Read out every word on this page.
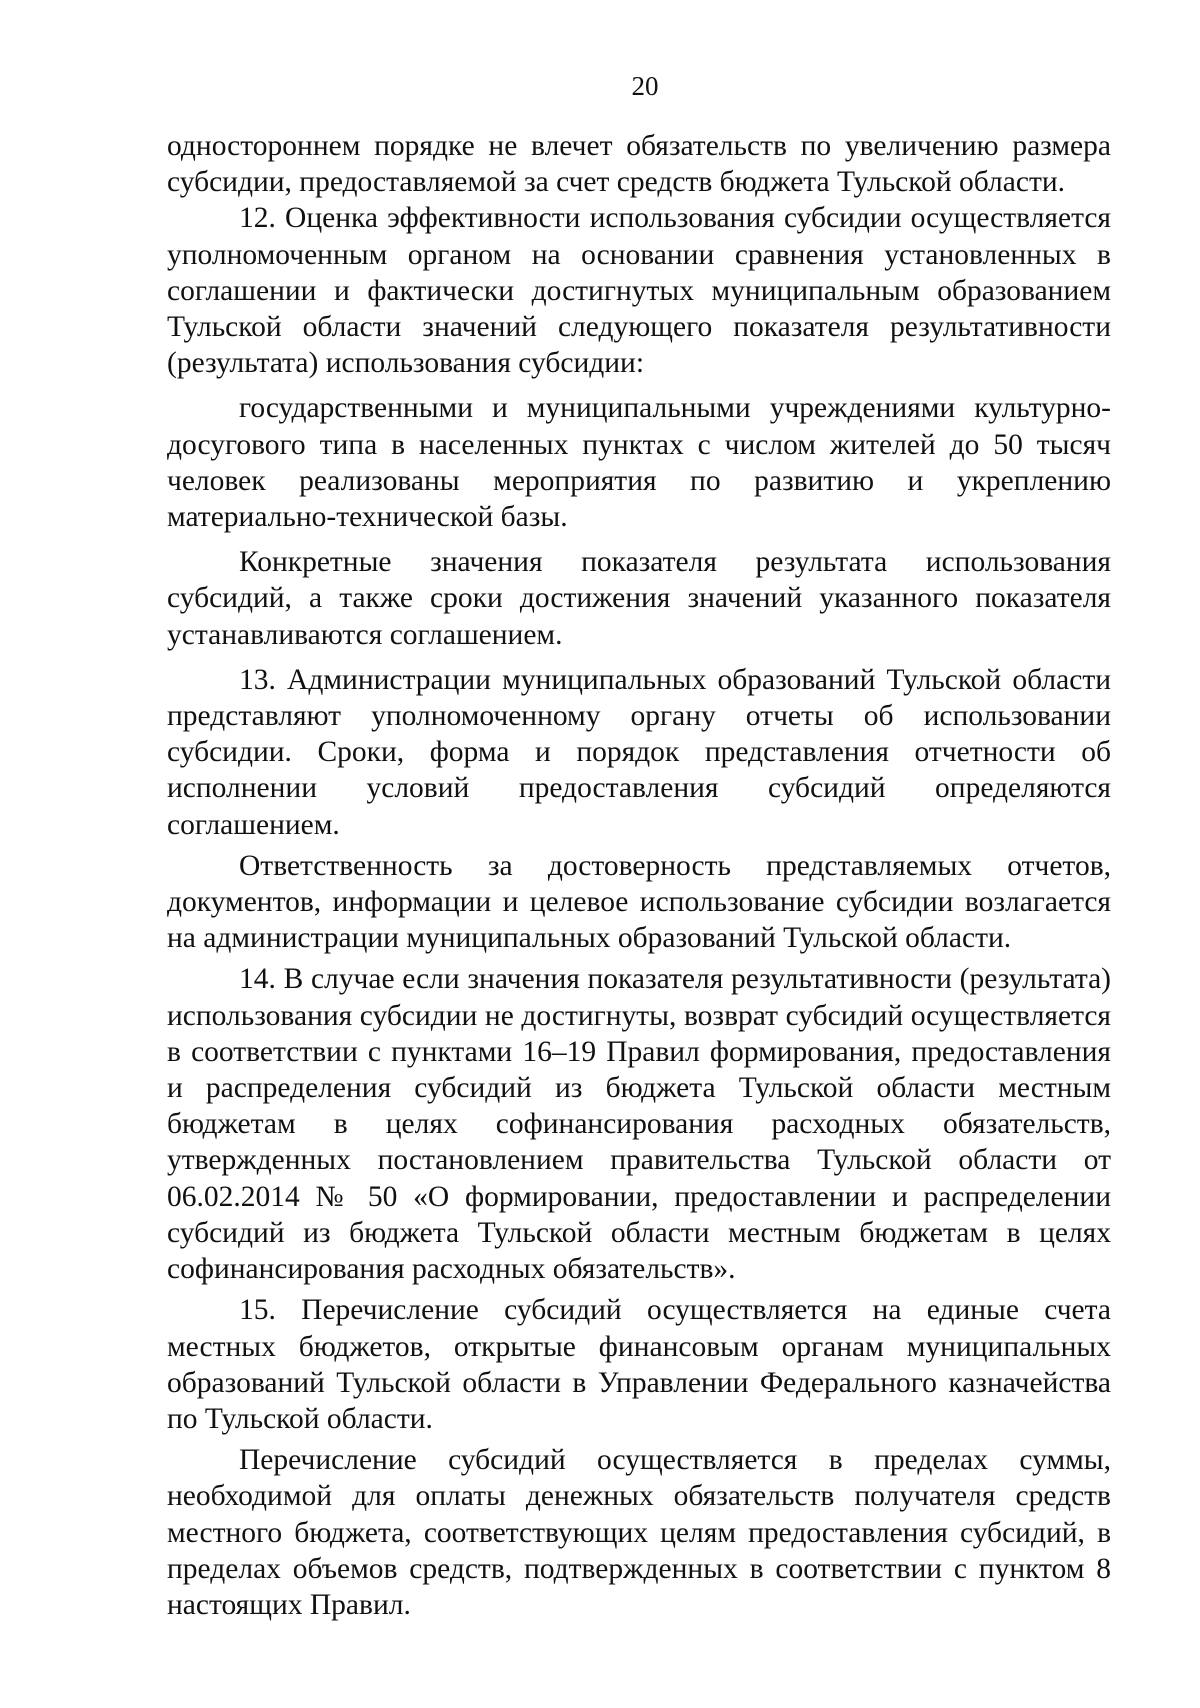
20

одностороннем порядке не влечет обязательств по увеличению размера субсидии, предоставляемой за счет средств бюджета Тульской области.

12. Оценка эффективности использования субсидии осуществляется уполномоченным органом на основании сравнения установленных в соглашении и фактически достигнутых муниципальным образованием Тульской области значений следующего показателя результативности (результата) использования субсидии:

государственными и муниципальными учреждениями культурно-досугового типа в населенных пунктах с числом жителей до 50 тысяч человек реализованы мероприятия по развитию и укреплению материально-технической базы.

Конкретные значения показателя результата использования субсидий, а также сроки достижения значений указанного показателя устанавливаются соглашением.

13. Администрации муниципальных образований Тульской области представляют уполномоченному органу отчеты об использовании субсидии. Сроки, форма и порядок представления отчетности об исполнении условий предоставления субсидий определяются соглашением.

Ответственность за достоверность представляемых отчетов, документов, информации и целевое использование субсидии возлагается на администрации муниципальных образований Тульской области.

14. В случае если значения показателя результативности (результата) использования субсидии не достигнуты, возврат субсидий осуществляется в соответствии с пунктами 16–19 Правил формирования, предоставления и распределения субсидий из бюджета Тульской области местным бюджетам в целях софинансирования расходных обязательств, утвержденных постановлением правительства Тульской области от 06.02.2014 № 50 «О формировании, предоставлении и распределении субсидий из бюджета Тульской области местным бюджетам в целях софинансирования расходных обязательств».

15. Перечисление субсидий осуществляется на единые счета местных бюджетов, открытые финансовым органам муниципальных образований Тульской области в Управлении Федерального казначейства по Тульской области.

Перечисление субсидий осуществляется в пределах суммы, необходимой для оплаты денежных обязательств получателя средств местного бюджета, соответствующих целям предоставления субсидий, в пределах объемов средств, подтвержденных в соответствии с пунктом 8 настоящих Правил.
